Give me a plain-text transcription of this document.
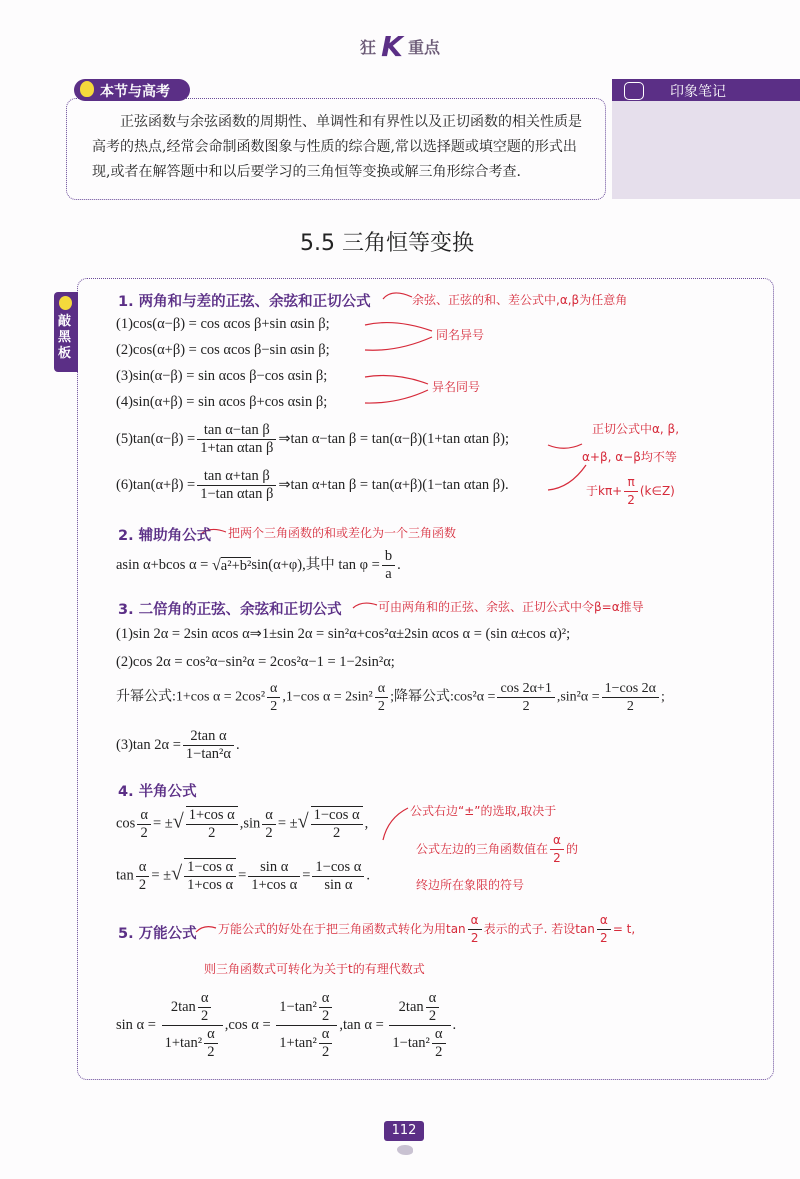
狂 K 重点
本节与高考
正弦函数与余弦函数的周期性、单调性和有界性以及正切函数的相关性质是高考的热点,经常会命制函数图象与性质的综合题,常以选择题或填空题的形式出现,或者在解答题中和以后要学习的三角恒等变换或解三角形综合考查.
印象笔记
5.5 三角恒等变换
敲黑板
1. 两角和与差的正弦、余弦和正切公式	余弦、正弦的和、差公式中,α,β为任意角
(1)cos(α−β) = cos αcos β+sin αsin β;
(2)cos(α+β) = cos αcos β−sin αsin β;
(3)sin(α−β) = sin αcos β−cos αsin β;
(4)sin(α+β) = sin αcos β+cos αsin β;
同名异号
异名同号
$(5)\tan(\alpha-\beta) = \frac{\text{tan α−tan β}}{\text{1+tan αtan β}}$ ⇒tan α−tan β = tan(α−β)(1+tan αtan β);
$(6)\tan(\alpha+\beta) = \frac{\text{tan α+tan β}}{\text{1−tan αtan β}}$ ⇒tan α+tan β = tan(α+β)(1−tan αtan β).
正切公式中α, β,
α+β, α−β均不等
于$k\pi+ \frac{\pi}{2}$ (k∈Z)
2. 辅助角公式 把两个三角函数的和或差化为一个三角函数
asin α+bcos α = √a²+b²sin(α+φ),其中 $\tan \varphi = \frac{b}{a}$ .
3. 二倍角的正弦、余弦和正切公式	可由两角和的正弦、余弦、正切公式中令β=α推导
(1)sin 2α = 2sin αcos α⇒1±sin 2α = sin²α+cos²α±2sin αcos α = (sin α±cos α)²;
(2)cos 2α = cos²α−sin²α = 2cos²α−1 = 1−2sin²α;
升幂公式:1+cos $\alpha = 2\cos^2 \frac{\alpha}{2} ,1-\cos$ $\alpha = 2\sin^2 \frac{\alpha}{2}$ ;降幂公式:cos²α = $\frac{\cos 2\alpha+1}{2} ,\sin^2\alpha = \frac{1-\cos 2\alpha}{2}$ ;
(3)tan $2\alpha = \frac{\text{2tan α}}{\text{1−tan²α}}$ .
4. 半角公式
$\cos \frac{\alpha}{2}$ = ±√ $\frac{\text{1+cos α}}{2} ,\sin \frac{\alpha}{2}$ = ±√ $\frac{\text{1−cos α}}{2}$ ,
$\tan \frac{\alpha}{2}$ = ±√ $\frac{\text{1−cos α}}{\text{1+cos α}} = \frac{\text{sin α}}{\text{1+cos α}} = \frac{\text{1−cos α}}{\text{sin α}}$ .
公式右边“±”的选取,取决于
公式左边的三角函数值在 $\frac{\alpha}{2}$ 的
终边所在象限的符号
5. 万能公式 万能公式的好处在于把三角函数式转化为用$\tan \frac{\alpha}{2}$ 表示的式子. 若设$\tan \frac{\alpha}{2} = t$,
则三角函数式可转化为关于t的有理代数式
$\sin \alpha = \frac{2\tan \frac{\alpha}{2}}{1+\tan^2 \frac{\alpha}{2}} ,\cos$ $\alpha = \frac{1-\tan^2 \frac{\alpha}{2}}{1+\tan^2 \frac{\alpha}{2}} ,\tan$ $\alpha = \frac{2\tan \frac{\alpha}{2}}{1-\tan^2 \frac{\alpha}{2}}$ .
112
